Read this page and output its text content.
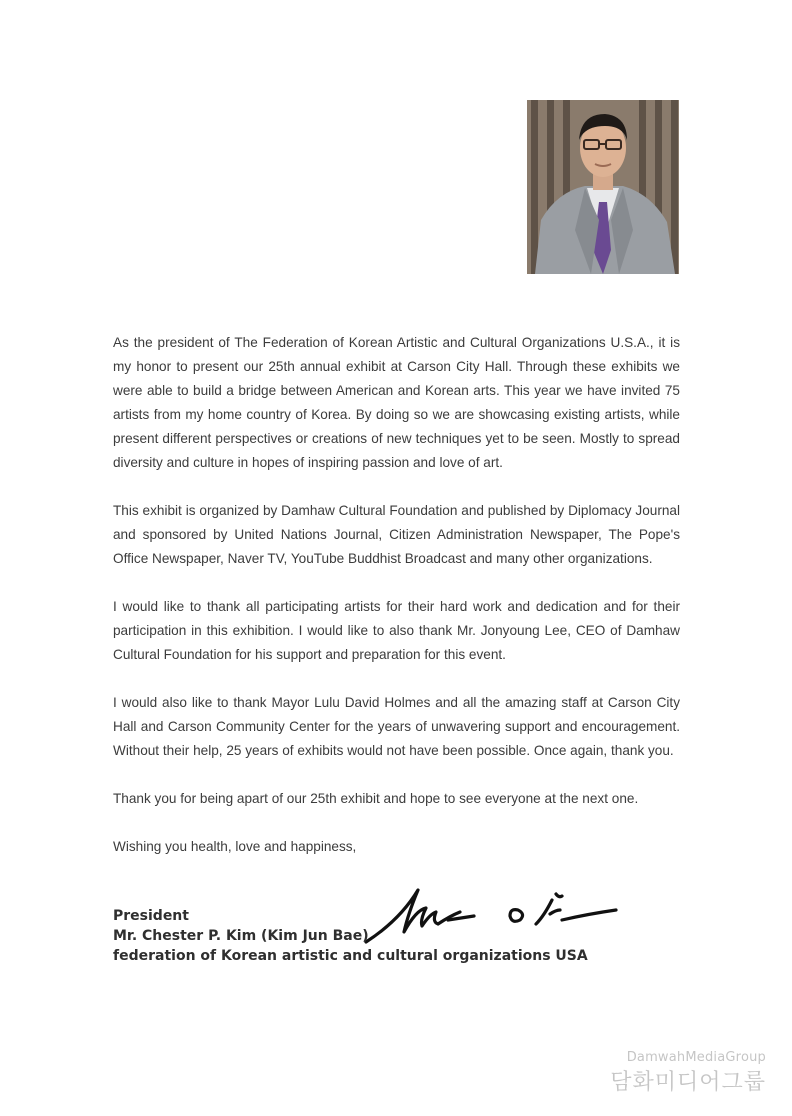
As the president of The Federation of Korean Artistic and Cultural Organizations U.S.A., it is my honor to present our 25th annual exhibit at Carson City Hall. Through these exhibits we were able to build a bridge between American and Korean arts. This year we have invited 75 artists from my home country of Korea. By doing so we are showcasing existing artists, while present different perspectives or creations of new techniques yet to be seen. Mostly to spread diversity and culture in hopes of inspiring passion and love of art.

This exhibit is organized by Damhaw Cultural Foundation and published by Diplomacy Journal and sponsored by United Nations Journal, Citizen Administration Newspaper, The Pope's Office Newspaper, Naver TV, YouTube Buddhist Broadcast and many other organizations.

I would like to thank all participating artists for their hard work and dedication and for their participation in this exhibition. I would like to also thank Mr. Jonyoung Lee, CEO of Damhaw Cultural Foundation for his support and preparation for this event.

I would also like to thank Mayor Lulu David Holmes and all the amazing staff at Carson City Hall and Carson Community Center for the years of unwavering support and encouragement. Without their help, 25 years of exhibits would not have been possible. Once again, thank you.

Thank you for being apart of our 25th exhibit and hope to see everyone at the next one.

Wishing you health, love and happiness,

President
Mr. Chester P. Kim (Kim Jun Bae)
federation of Korean artistic and cultural organizations USA
DamwahMediaGroup
담화미디어그룹
